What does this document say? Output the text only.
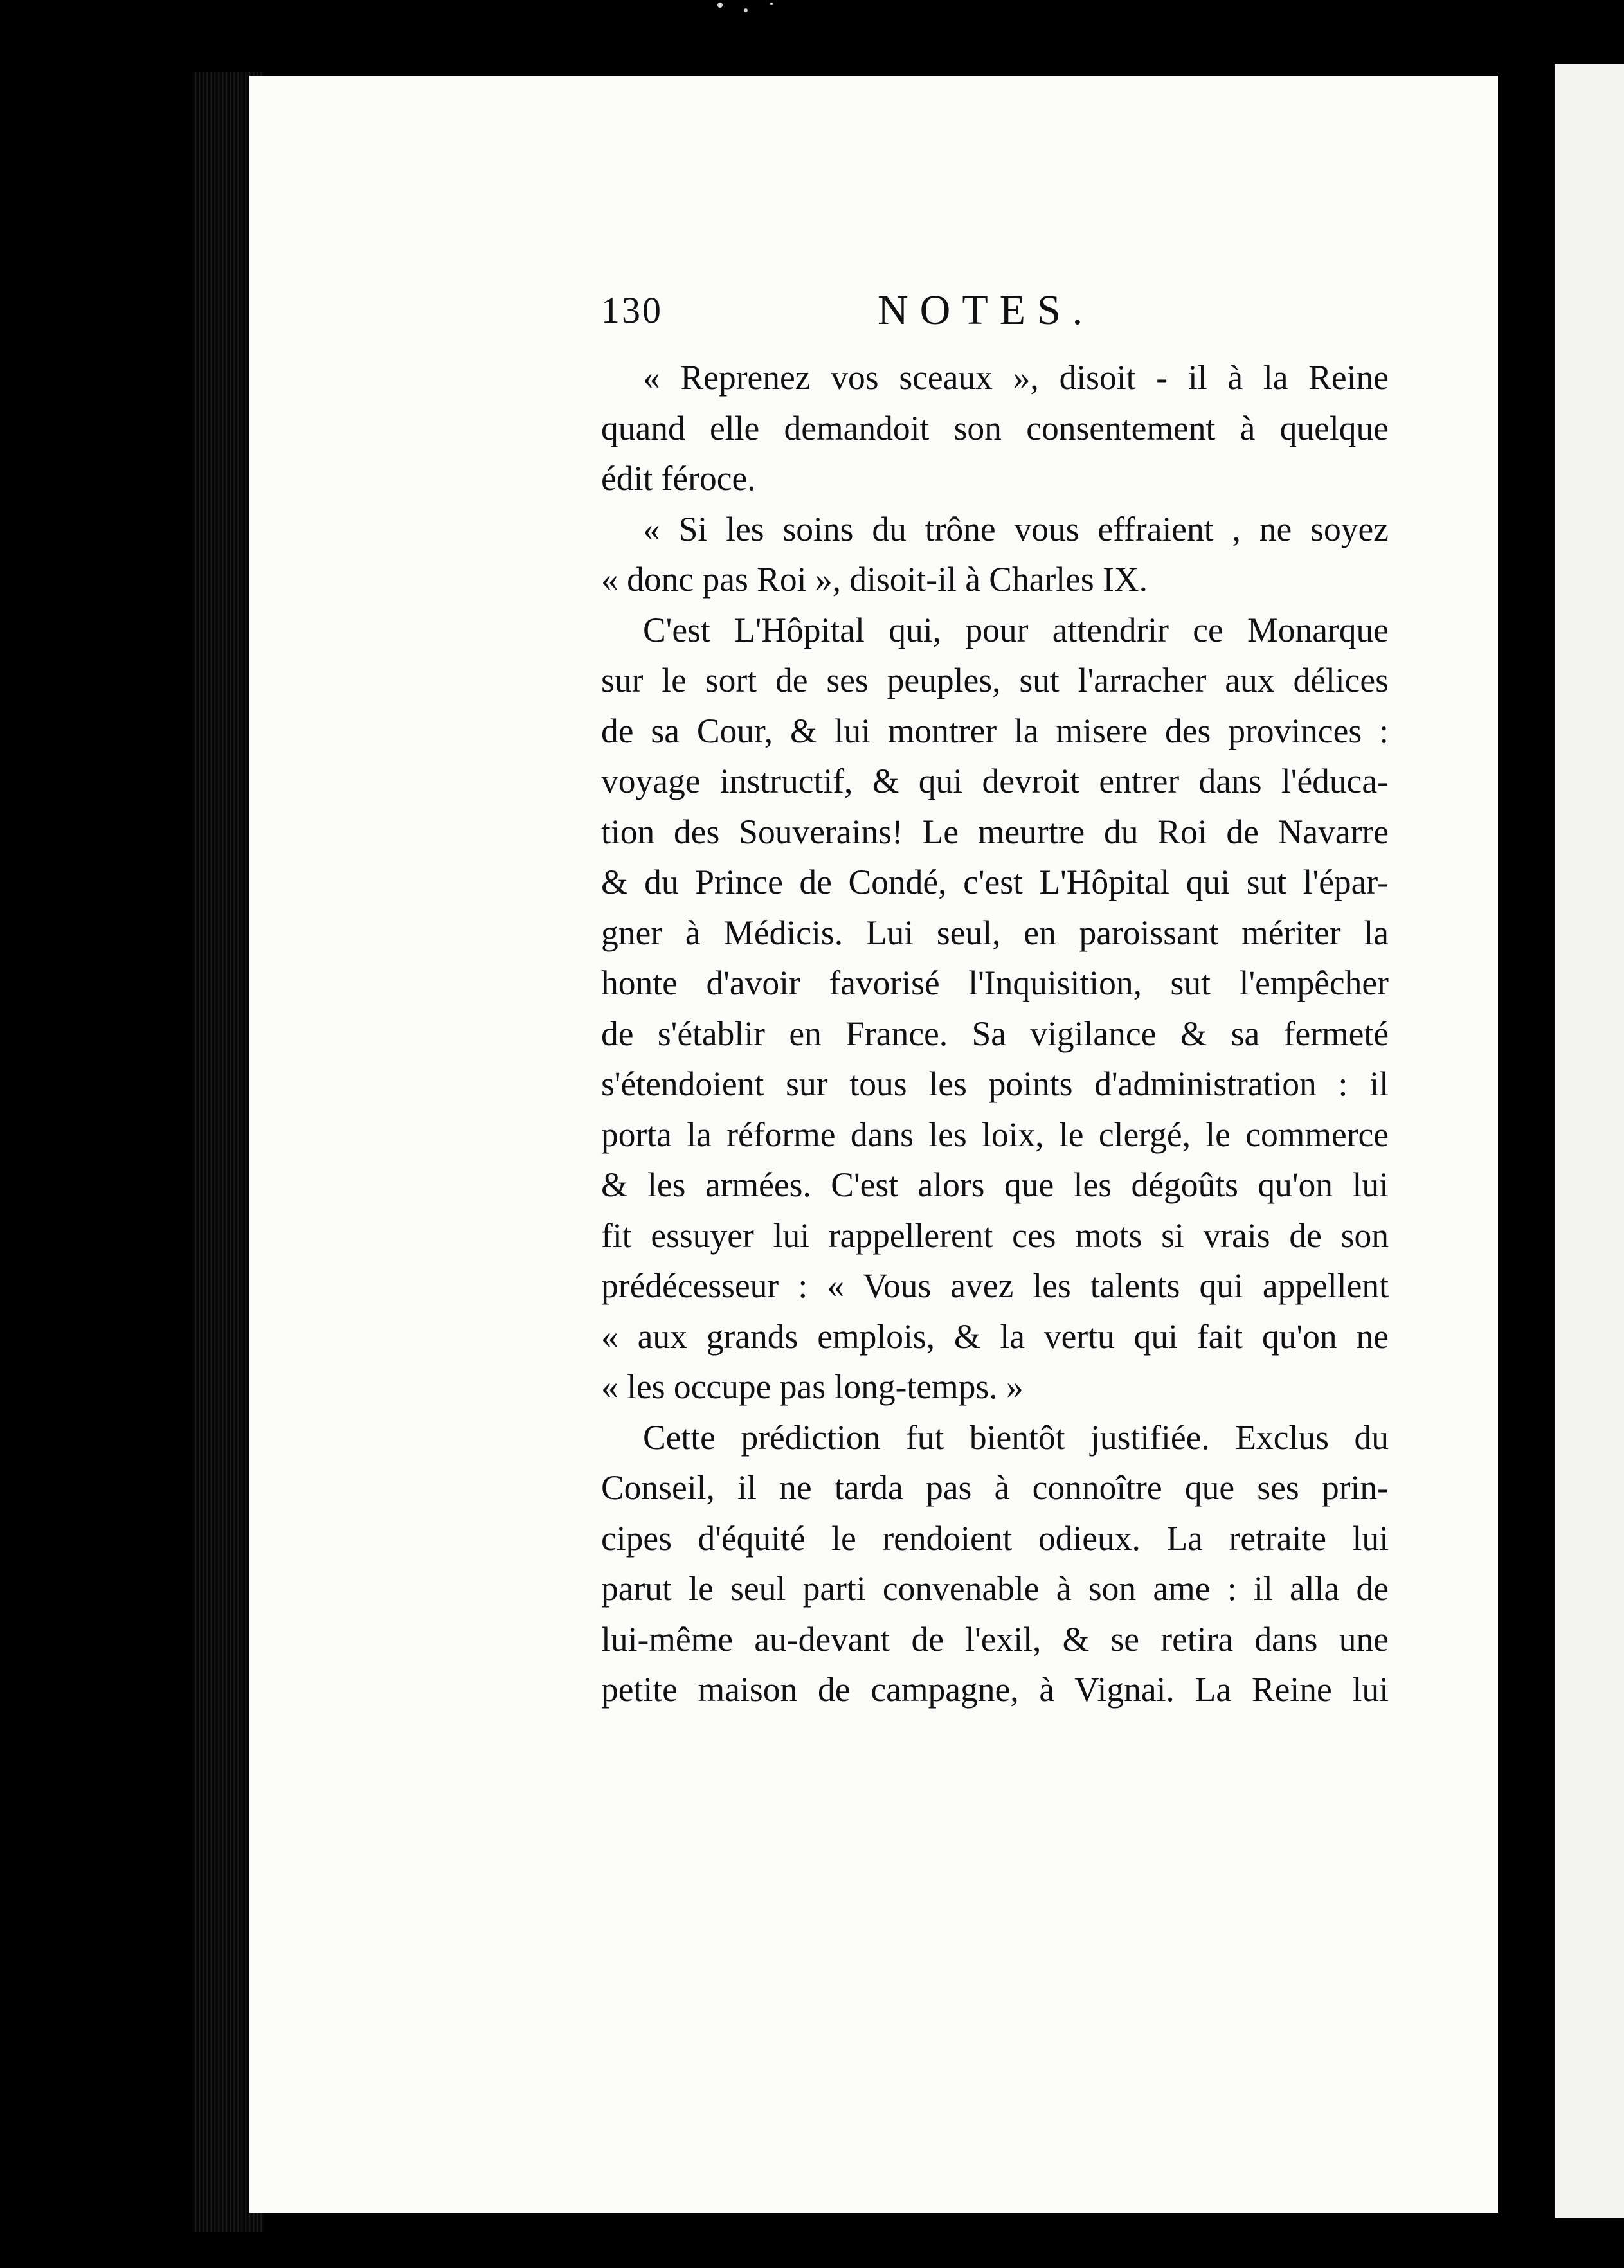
130	NOTES.
« Reprenez vos sceaux », disoit - il à la Reine
quand elle demandoit son consentement à quelque
édit féroce.
« Si les soins du trône vous effraient , ne soyez
« donc pas Roi », disoit-il à Charles IX.
C'est L'Hôpital qui, pour attendrir ce Monarque
sur le sort de ses peuples, sut l'arracher aux délices
de sa Cour, & lui montrer la misere des provinces :
voyage instructif, & qui devroit entrer dans l'éduca-
tion des Souverains! Le meurtre du Roi de Navarre
& du Prince de Condé, c'est L'Hôpital qui sut l'épar-
gner à Médicis. Lui seul, en paroissant mériter la
honte d'avoir favorisé l'Inquisition, sut l'empêcher
de s'établir en France. Sa vigilance & sa fermeté
s'étendoient sur tous les points d'administration : il
porta la réforme dans les loix, le clergé, le commerce
& les armées. C'est alors que les dégoûts qu'on lui
fit essuyer lui rappellerent ces mots si vrais de son
prédécesseur : « Vous avez les talents qui appellent
« aux grands emplois, & la vertu qui fait qu'on ne
« les occupe pas long-temps. »
Cette prédiction fut bientôt justifiée. Exclus du
Conseil, il ne tarda pas à connoître que ses prin-
cipes d'équité le rendoient odieux. La retraite lui
parut le seul parti convenable à son ame : il alla de
lui-même au-devant de l'exil, & se retira dans une
petite maison de campagne, à Vignai. La Reine lui
